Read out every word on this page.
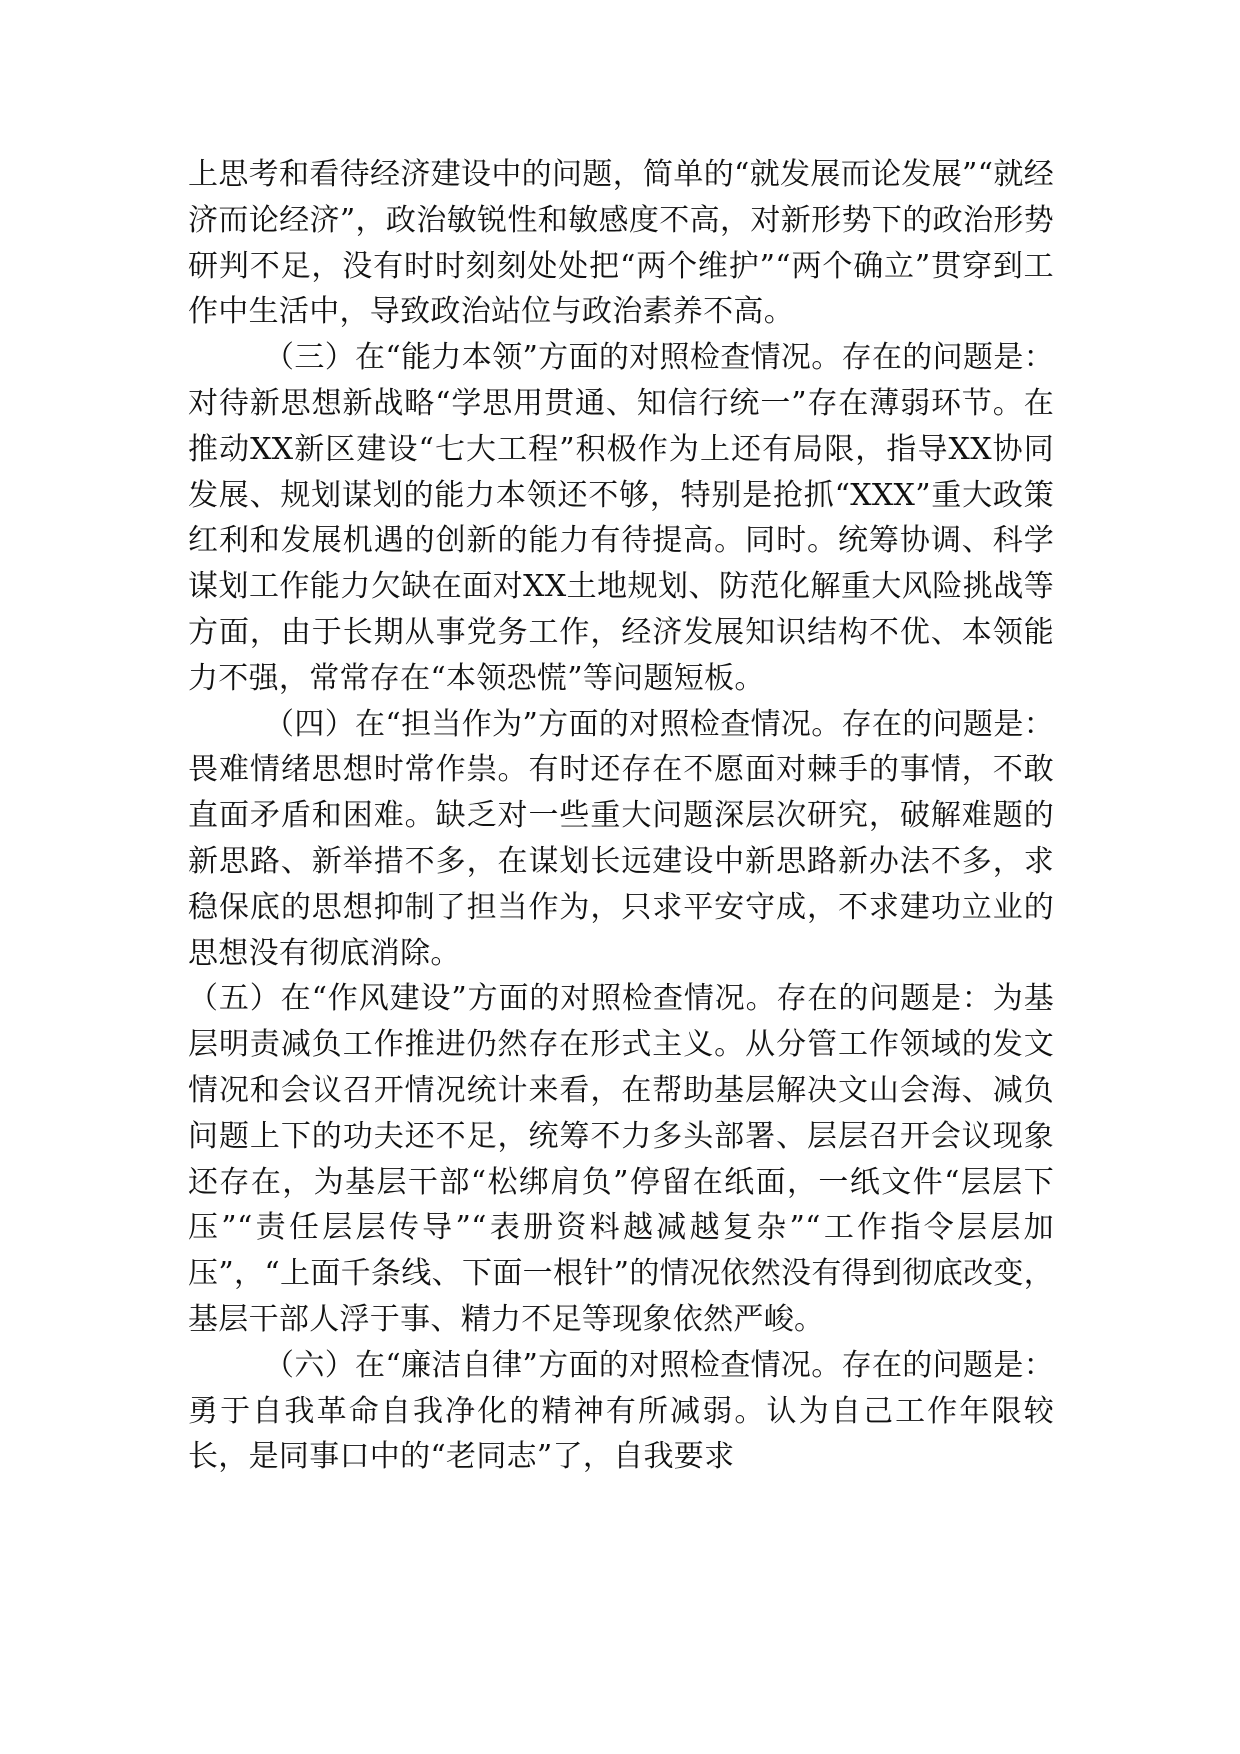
上思考和看待经济建设中的问题，简单的“就发展而论发展”“就经济而论经济”，政治敏锐性和敏感度不高，对新形势下的政治形势研判不足，没有时时刻刻处处把“两个维护”“两个确立”贯穿到工作中生活中，导致政治站位与政治素养不高。

（三）在“能力本领”方面的对照检查情况。存在的问题是：对待新思想新战略“学思用贯通、知信行统一”存在薄弱环节。在推动XX新区建设“七大工程”积极作为上还有局限，指导XX协同发展、规划谋划的能力本领还不够，特别是抢抓“XXX”重大政策红利和发展机遇的创新的能力有待提高。同时。统筹协调、科学谋划工作能力欠缺在面对XX土地规划、防范化解重大风险挑战等方面，由于长期从事党务工作，经济发展知识结构不优、本领能力不强，常常存在“本领恐慌”等问题短板。

（四）在“担当作为”方面的对照检查情况。存在的问题是：畏难情绪思想时常作祟。有时还存在不愿面对棘手的事情，不敢直面矛盾和困难。缺乏对一些重大问题深层次研究，破解难题的新思路、新举措不多，在谋划长远建设中新思路新办法不多，求稳保底的思想抑制了担当作为，只求平安守成，不求建功立业的思想没有彻底消除。

（五）在“作风建设”方面的对照检查情况。存在的问题是：为基层明责减负工作推进仍然存在形式主义。从分管工作领域的发文情况和会议召开情况统计来看，在帮助基层解决文山会海、减负问题上下的功夫还不足，统筹不力多头部署、层层召开会议现象还存在，为基层干部“松绑肩负”停留在纸面，一纸文件“层层下压”“责任层层传导”“表册资料越减越复杂”“工作指令层层加压”，“上面千条线、下面一根针”的情况依然没有得到彻底改变，基层干部人浮于事、精力不足等现象依然严峻。

（六）在“廉洁自律”方面的对照检查情况。存在的问题是：勇于自我革命自我净化的精神有所减弱。认为自己工作年限较长，是同事口中的“老同志”了，自我要求
